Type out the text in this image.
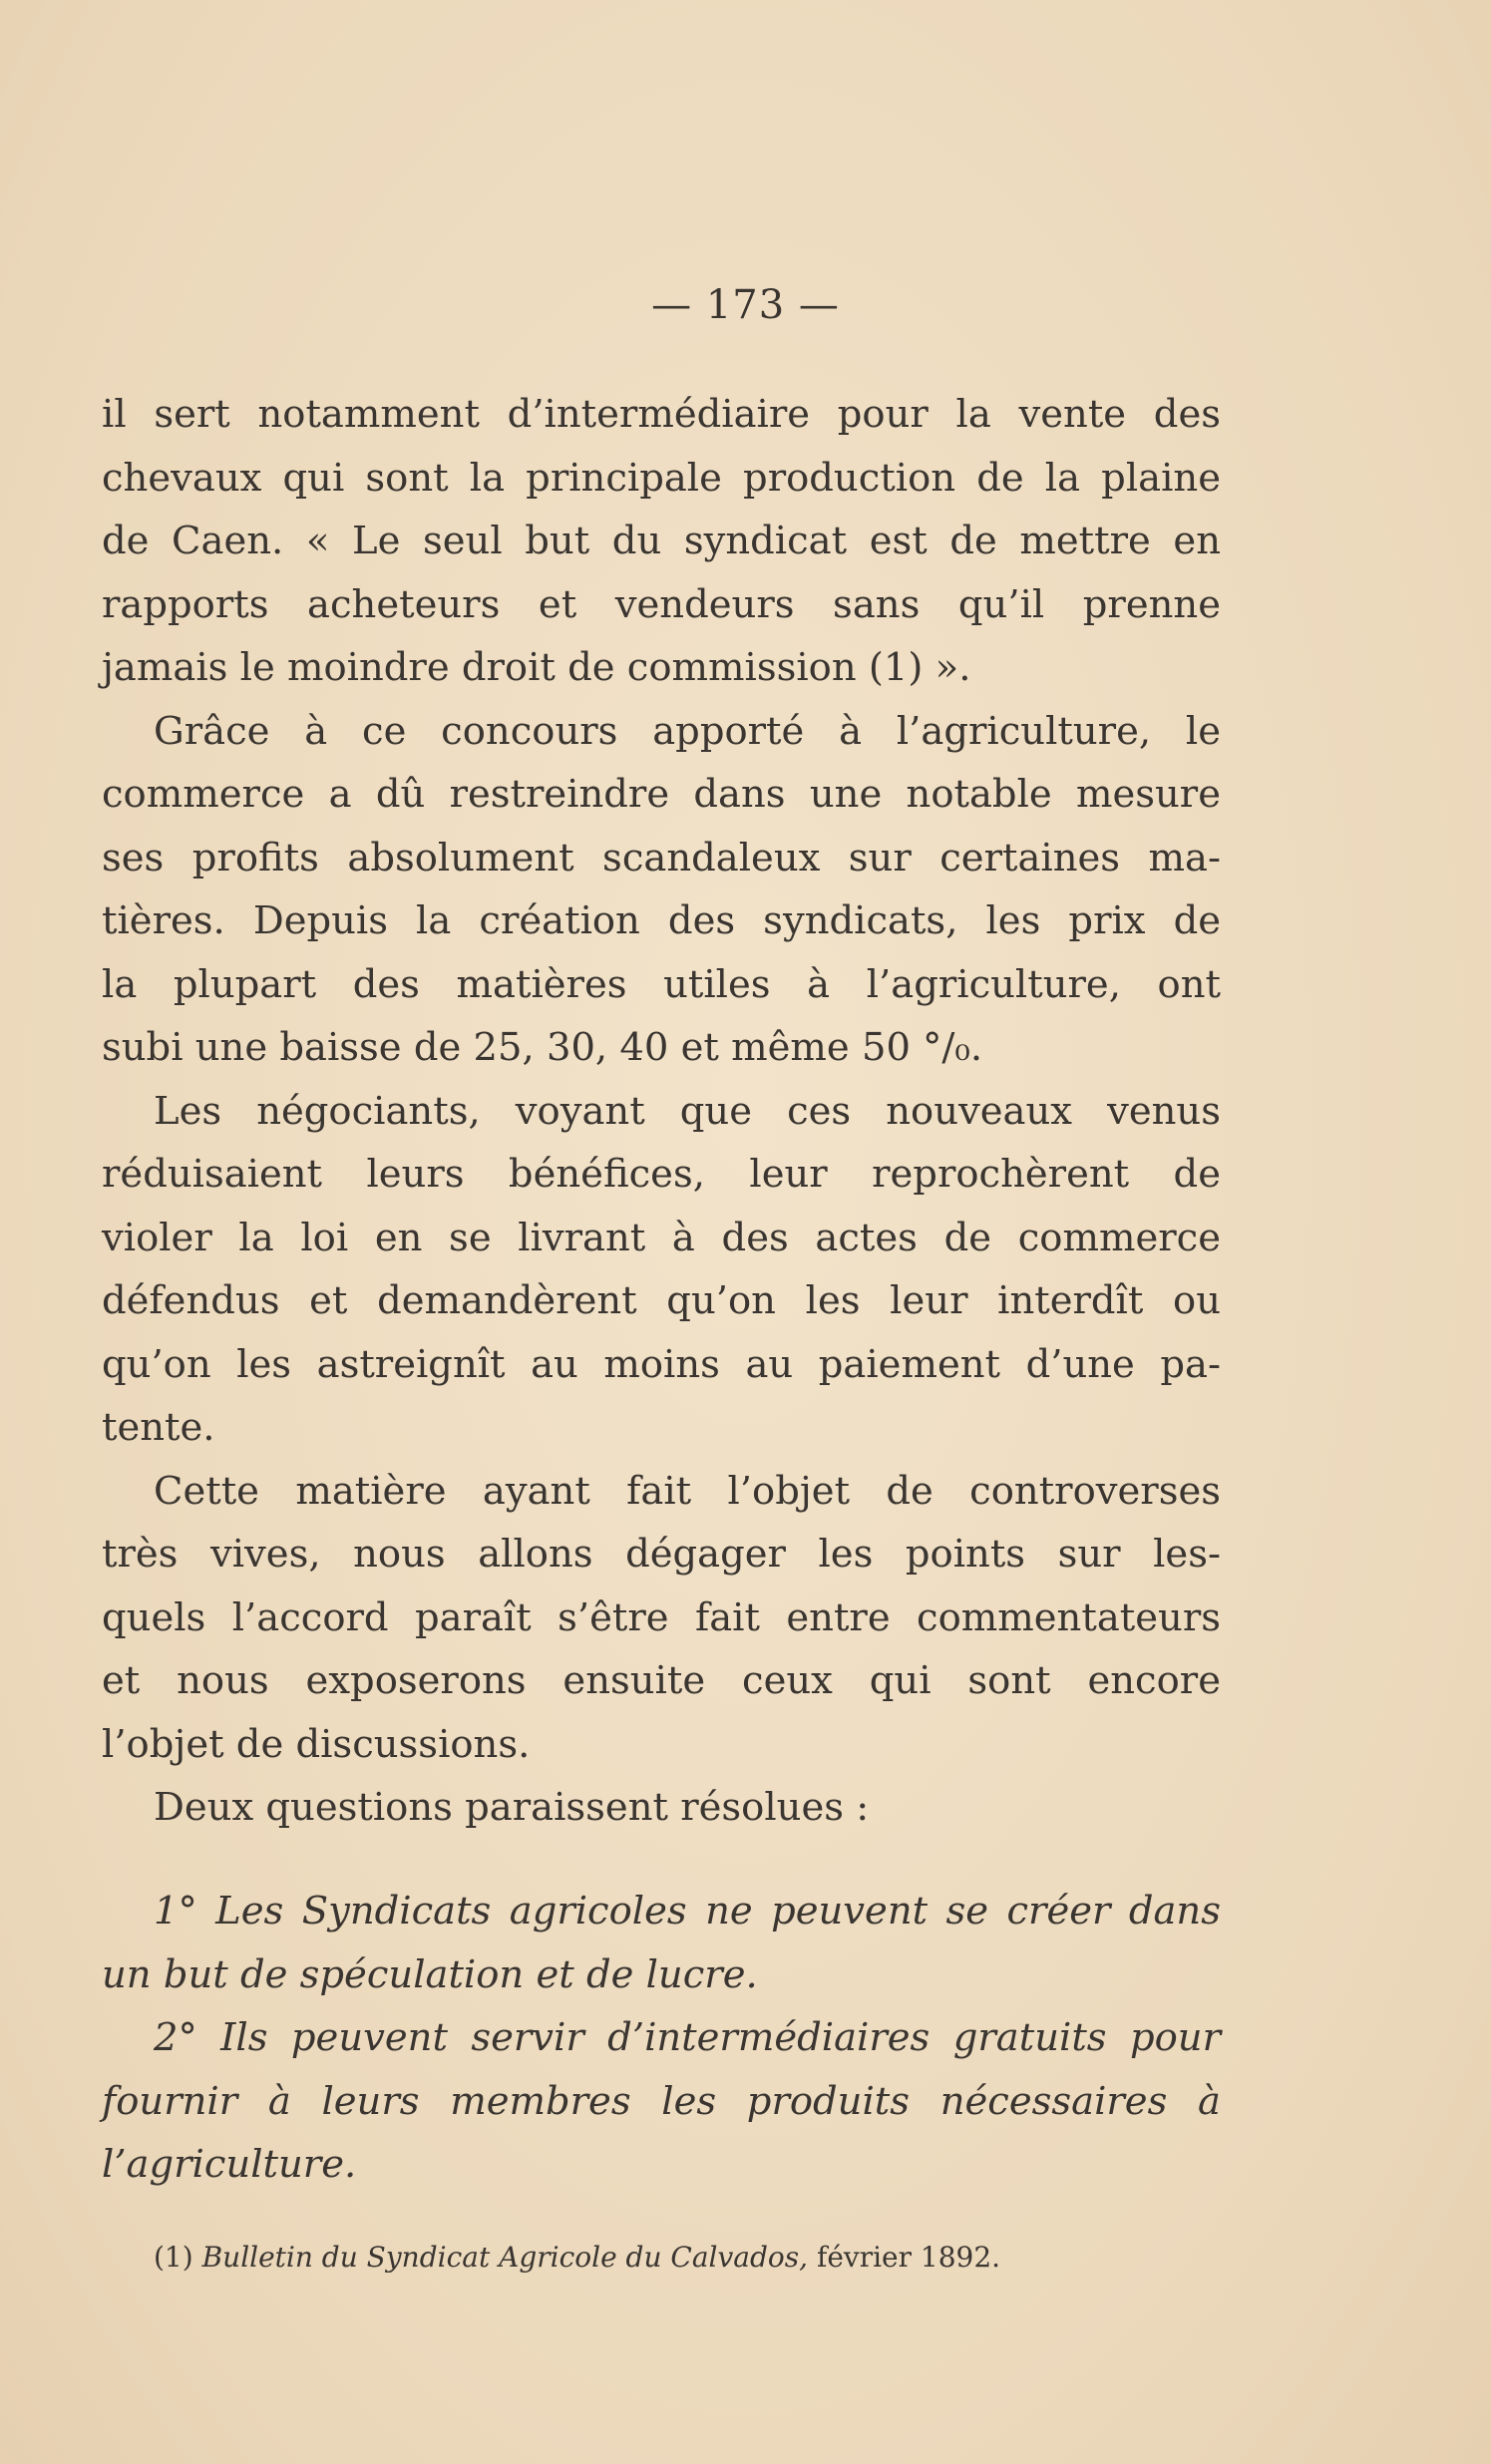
— 173 —
il sert notamment d’intermédiaire pour la vente des
chevaux qui sont la principale production de la plaine
de Caen. « Le seul but du syndicat est de mettre en
rapports acheteurs et vendeurs sans qu’il prenne
jamais le moindre droit de commission (1) ».
Grâce à ce concours apporté à l’agriculture, le
commerce a dû restreindre dans une notable mesure
ses profits absolument scandaleux sur certaines ma-
tières. Depuis la création des syndicats, les prix de
la plupart des matières utiles à l’agriculture, ont
subi une baisse de 25, 30, 40 et même 50 °/₀.
Les négociants, voyant que ces nouveaux venus
réduisaient leurs bénéfices, leur reprochèrent de
violer la loi en se livrant à des actes de commerce
défendus et demandèrent qu’on les leur interdît ou
qu’on les astreignît au moins au paiement d’une pa-
tente.
Cette matière ayant fait l’objet de controverses
très vives, nous allons dégager les points sur les-
quels l’accord paraît s’être fait entre commentateurs
et nous exposerons ensuite ceux qui sont encore
l’objet de discussions.
Deux questions paraissent résolues :
1° Les Syndicats agricoles ne peuvent se créer dans
un but de spéculation et de lucre.
2° Ils peuvent servir d’intermédiaires gratuits pour
fournir à leurs membres les produits nécessaires à
l’agriculture.
(1) Bulletin du Syndicat Agricole du Calvados, février 1892.
